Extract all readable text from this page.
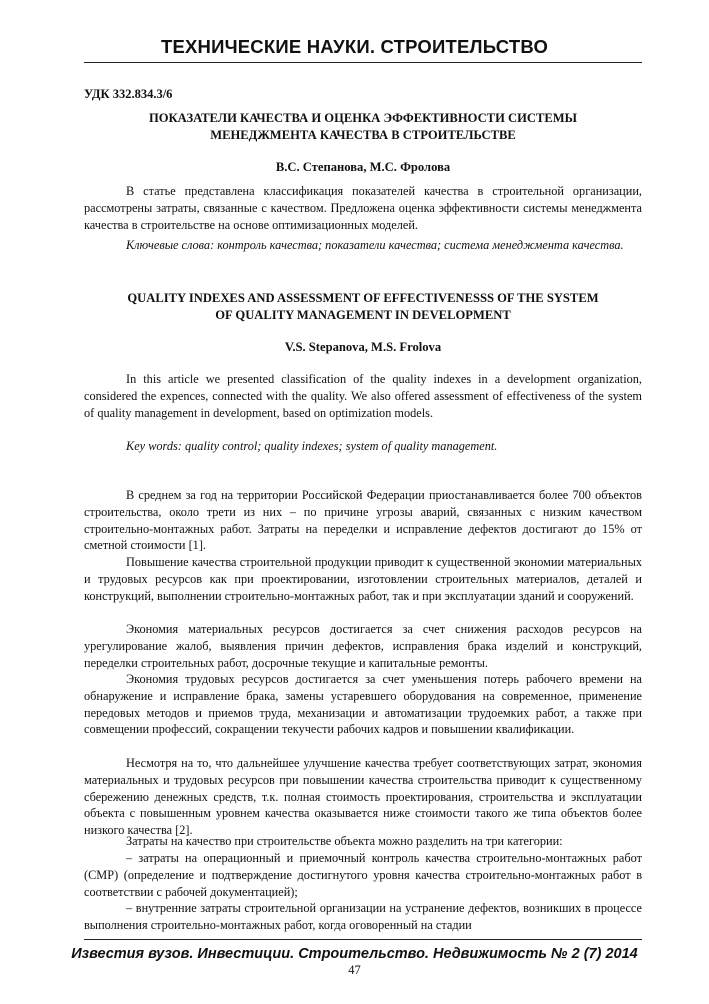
ТЕХНИЧЕСКИЕ НАУКИ. СТРОИТЕЛЬСТВО
УДК 332.834.3/6
ПОКАЗАТЕЛИ КАЧЕСТВА И ОЦЕНКА ЭФФЕКТИВНОСТИ СИСТЕМЫ
МЕНЕДЖМЕНТА КАЧЕСТВА В СТРОИТЕЛЬСТВЕ
В.С. Степанова, М.С. Фролова
В статье представлена классификация показателей качества в строительной организации, рассмотрены затраты, связанные с качеством. Предложена оценка эффективности системы менеджмента качества в строительстве на основе оптимизационных моделей.
Ключевые слова: контроль качества; показатели качества; система менеджмента качества.
QUALITY INDEXES AND ASSESSMENT OF EFFECTIVENESSS OF THE SYSTEM
OF QUALITY MANAGEMENT IN DEVELOPMENT
V.S. Stepanova, M.S. Frolova
In this article we presented classification of the quality indexes in a development organization, considered the expences, connected with the quality. We also offered assessment of effectiveness of the system of quality management in development, based on optimization models.
Key words: quality control; quality indexes; system of quality management.
В среднем за год на территории Российской Федерации приостанавливается более 700 объектов строительства, около трети из них – по причине угрозы аварий, связанных с низким качеством строительно-монтажных работ. Затраты на переделки и исправление дефектов достигают до 15% от сметной стоимости [1].
Повышение качества строительной продукции приводит к существенной экономии материальных и трудовых ресурсов как при проектировании, изготовлении строительных материалов, деталей и конструкций, выполнении строительно-монтажных работ, так и при эксплуатации зданий и сооружений.
Экономия материальных ресурсов достигается за счет снижения расходов ресурсов на урегулирование жалоб, выявления причин дефектов, исправления брака изделий и конструкций, переделки строительных работ, досрочные текущие и капитальные ремонты.
Экономия трудовых ресурсов достигается за счет уменьшения потерь рабочего времени на обнаружение и исправление брака, замены устаревшего оборудования на современное, применение передовых методов и приемов труда, механизации и автоматизации трудоемких работ, а также при совмещении профессий, сокращении текучести рабочих кадров и повышении квалификации.
Несмотря на то, что дальнейшее улучшение качества требует соответствующих затрат, экономия материальных и трудовых ресурсов при повышении качества строительства приводит к существенному сбережению денежных средств, т.к. полная стоимость проектирования, строительства и эксплуатации объекта с повышенным уровнем качества оказывается ниже стоимости такого же типа объектов более низкого качества [2].
Затраты на качество при строительстве объекта можно разделить на три категории:
– затраты на операционный и приемочный контроль качества строительно-монтажных работ (СМР) (определение и подтверждение достигнутого уровня качества строительно-монтажных работ в соответствии с рабочей документацией);
– внутренние затраты строительной организации на устранение дефектов, возникших в процессе выполнения строительно-монтажных работ, когда оговоренный на стадии
Известия вузов. Инвестиции. Строительство. Недвижимость № 2 (7) 2014
47
